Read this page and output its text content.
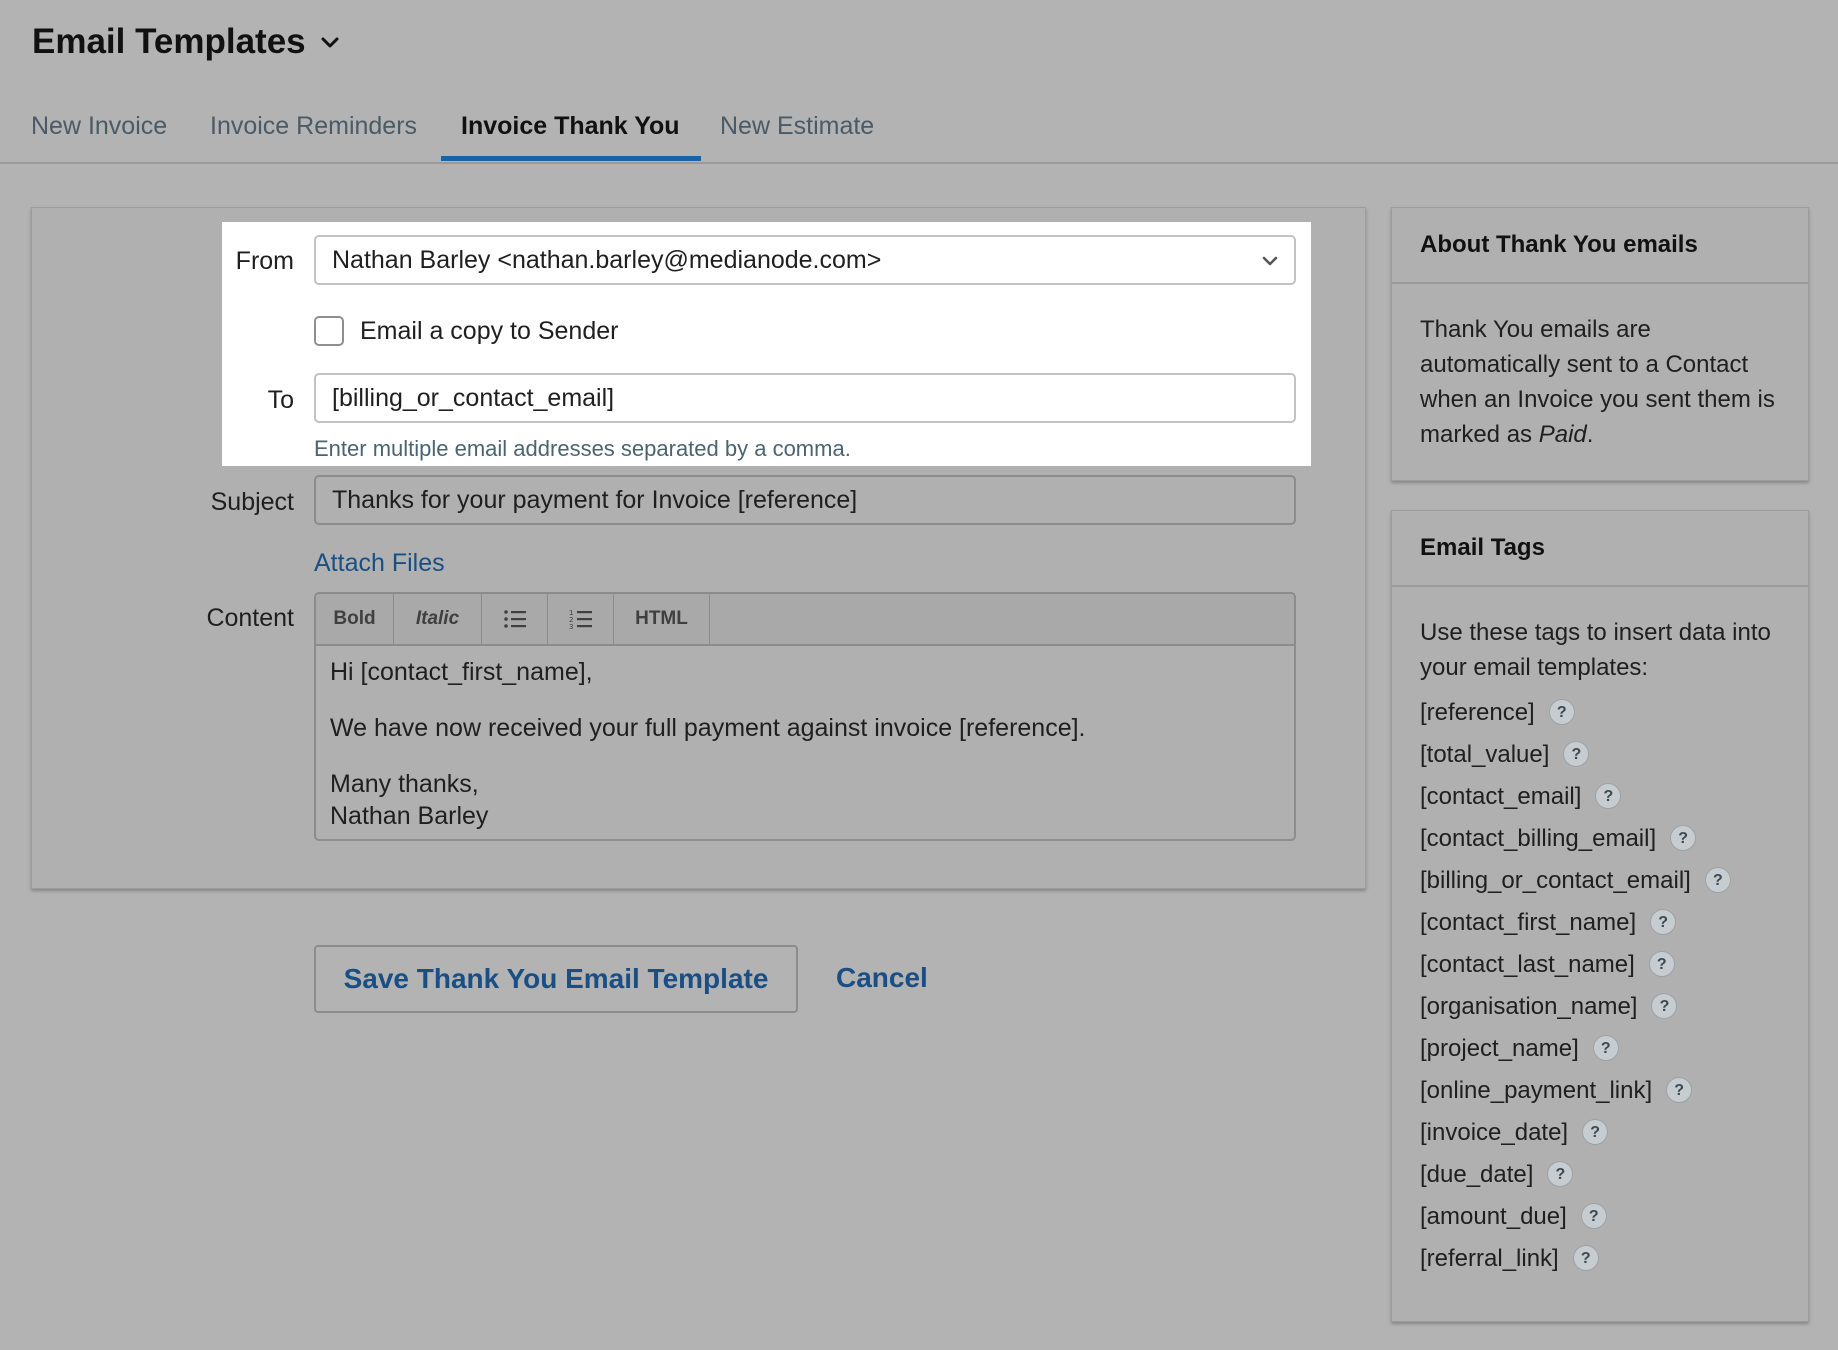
Email Templates
New Invoice Invoice Reminders Invoice Thank You New Estimate
From Nathan Barley <nathan.barley@medianode.com>
Email a copy to Sender
To [billing_or_contact_email]
Enter multiple email addresses separated by a comma.
Subject Thanks for your payment for Invoice [reference]
Attach Files
Content Bold Italic	1
2
3	HTML

Hi [contact_first_name],

We have now received your full payment against invoice [reference].

Many thanks,
Nathan Barley
Save Thank You Email Template	Cancel
About Thank You emails
Thank You emails are automatically sent to a Contact when an Invoice you sent them is marked as Paid.
Email Tags
Use these tags to insert data into your email templates:
[reference]	?
[total_value]	?
[contact_email]	?
[contact_billing_email]	?
[billing_or_contact_email]	?
[contact_first_name]	?
[contact_last_name]	?
[organisation_name]	?
[project_name]	?
[online_payment_link]	?
[invoice_date]	?
[due_date]	?
[amount_due]	?
[referral_link]	?
